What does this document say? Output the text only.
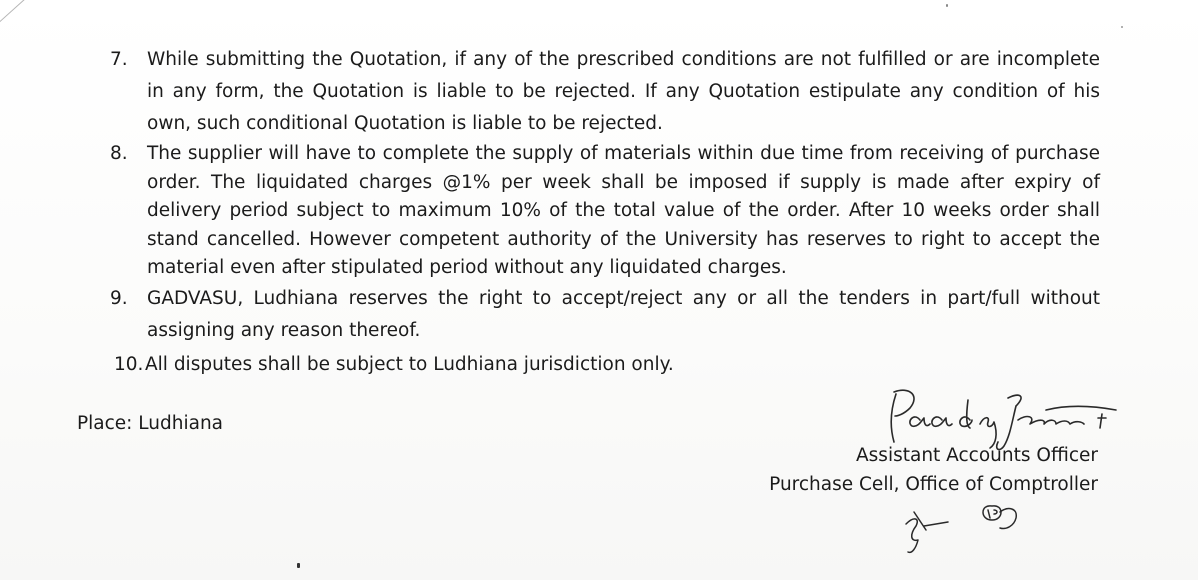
7. While submitting the Quotation, if any of the prescribed conditions are not fulfilled or are incomplete in any form, the Quotation is liable to be rejected. If any Quotation estipulate any condition of his own, such conditional Quotation is liable to be rejected.
8. The supplier will have to complete the supply of materials within due time from receiving of purchase order. The liquidated charges @1% per week shall be imposed if supply is made after expiry of delivery period subject to maximum 10% of the total value of the order. After 10 weeks order shall stand cancelled. However competent authority of the University has reserves to right to accept the material even after stipulated period without any liquidated charges.
9. GADVASU, Ludhiana reserves the right to accept/reject any or all the tenders in part/full without assigning any reason thereof.
10. All disputes shall be subject to Ludhiana jurisdiction only.
Place: Ludhiana
Assistant Accounts Officer
Purchase Cell, Office of Comptroller
